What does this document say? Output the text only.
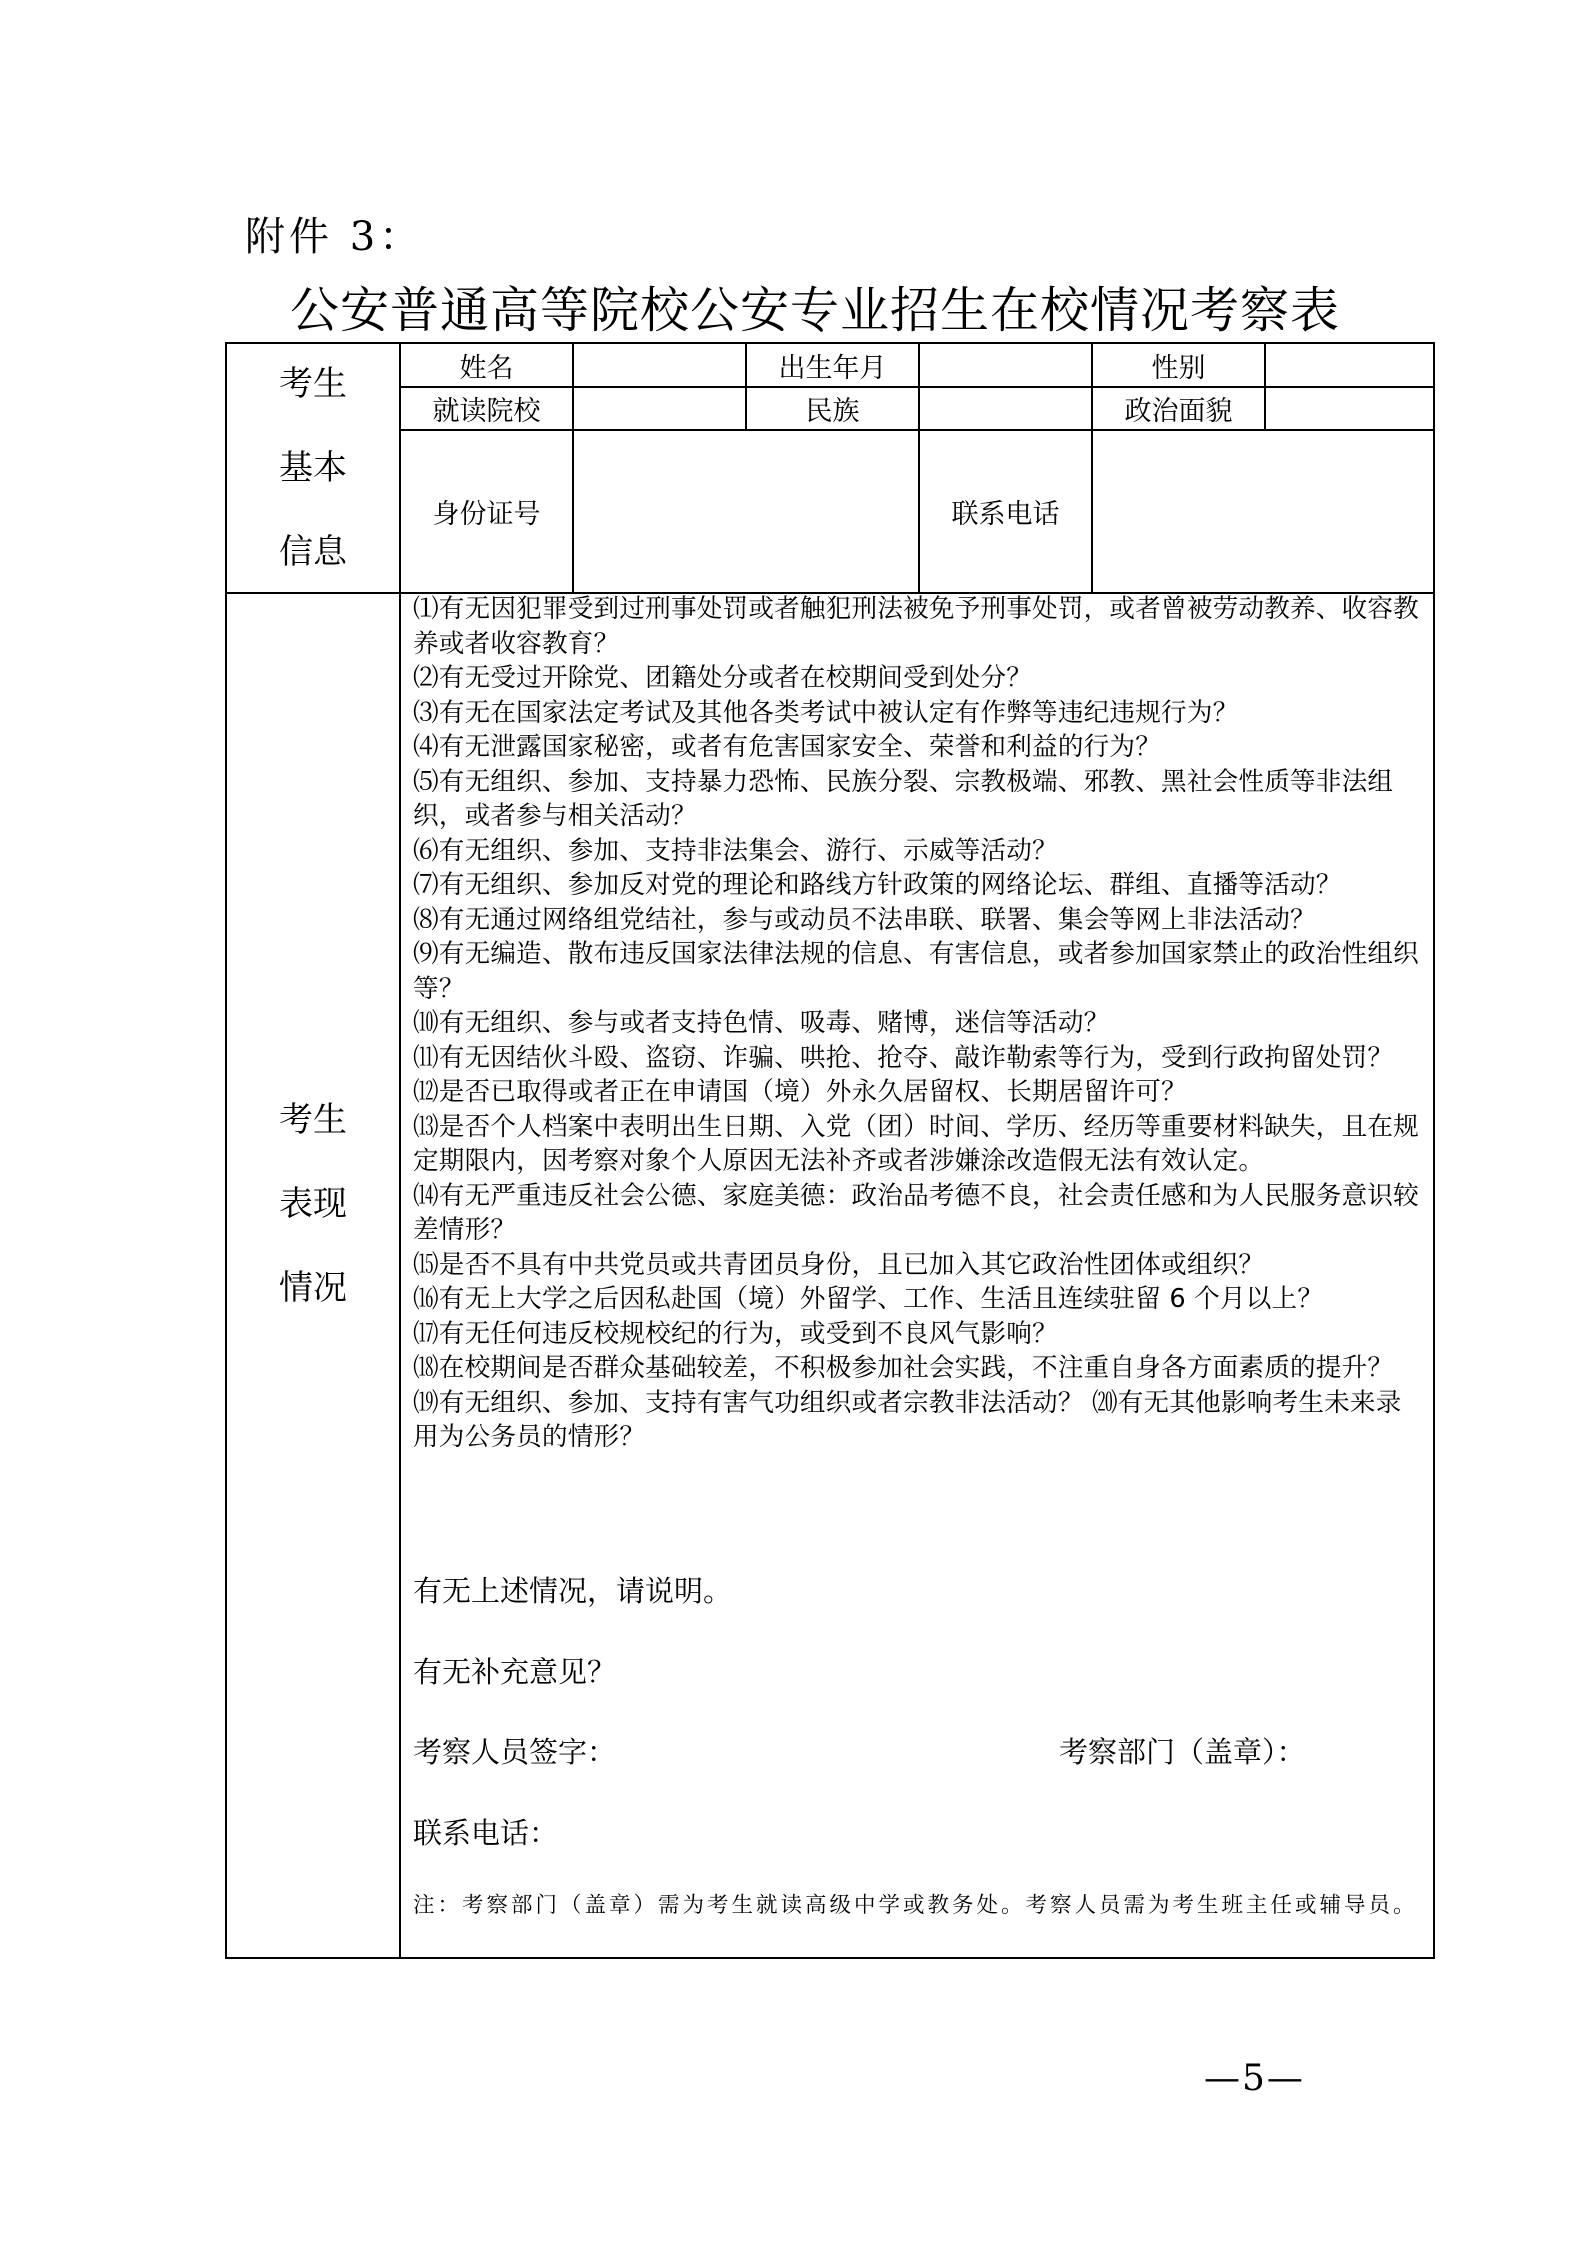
附件 3：
公安普通高等院校公安专业招生在校情况考察表
考生
基本
信息
姓名	出生年月	性别
就读院校	民族	政治面貌
身份证号	联系电话
考生
表现
情况
⑴有无因犯罪受到过刑事处罚或者触犯刑法被免予刑事处罚，或者曾被劳动教养、收容教养或者收容教育？
⑵有无受过开除党、团籍处分或者在校期间受到处分？
⑶有无在国家法定考试及其他各类考试中被认定有作弊等违纪违规行为？
⑷有无泄露国家秘密，或者有危害国家安全、荣誉和利益的行为？
⑸有无组织、参加、支持暴力恐怖、民族分裂、宗教极端、邪教、黑社会性质等非法组织，或者参与相关活动？
⑹有无组织、参加、支持非法集会、游行、示威等活动？
⑺有无组织、参加反对党的理论和路线方针政策的网络论坛、群组、直播等活动？
⑻有无通过网络组党结社，参与或动员不法串联、联署、集会等网上非法活动？
⑼有无编造、散布违反国家法律法规的信息、有害信息，或者参加国家禁止的政治性组织等？
⑽有无组织、参与或者支持色情、吸毒、赌博，迷信等活动？
⑾有无因结伙斗殴、盗窃、诈骗、哄抢、抢夺、敲诈勒索等行为，受到行政拘留处罚？
⑿是否已取得或者正在申请国（境）外永久居留权、长期居留许可？
⒀是否个人档案中表明出生日期、入党（团）时间、学历、经历等重要材料缺失，且在规定期限内，因考察对象个人原因无法补齐或者涉嫌涂改造假无法有效认定。
⒁有无严重违反社会公德、家庭美德：政治品考德不良，社会责任感和为人民服务意识较差情形？
⒂是否不具有中共党员或共青团员身份，且已加入其它政治性团体或组织？
⒃有无上大学之后因私赴国（境）外留学、工作、生活且连续驻留 6 个月以上？
⒄有无任何违反校规校纪的行为，或受到不良风气影响？
⒅在校期间是否群众基础较差，不积极参加社会实践，不注重自身各方面素质的提升？
⒆有无组织、参加、支持有害气功组织或者宗教非法活动？ ⒇有无其他影响考生未来录用为公务员的情形？
有无上述情况，请说明。
有无补充意见？
考察人员签字：	考察部门（盖章）：
联系电话：
注：考察部门（盖章）需为考生就读高级中学或教务处。考察人员需为考生班主任或辅导员。
—5—
